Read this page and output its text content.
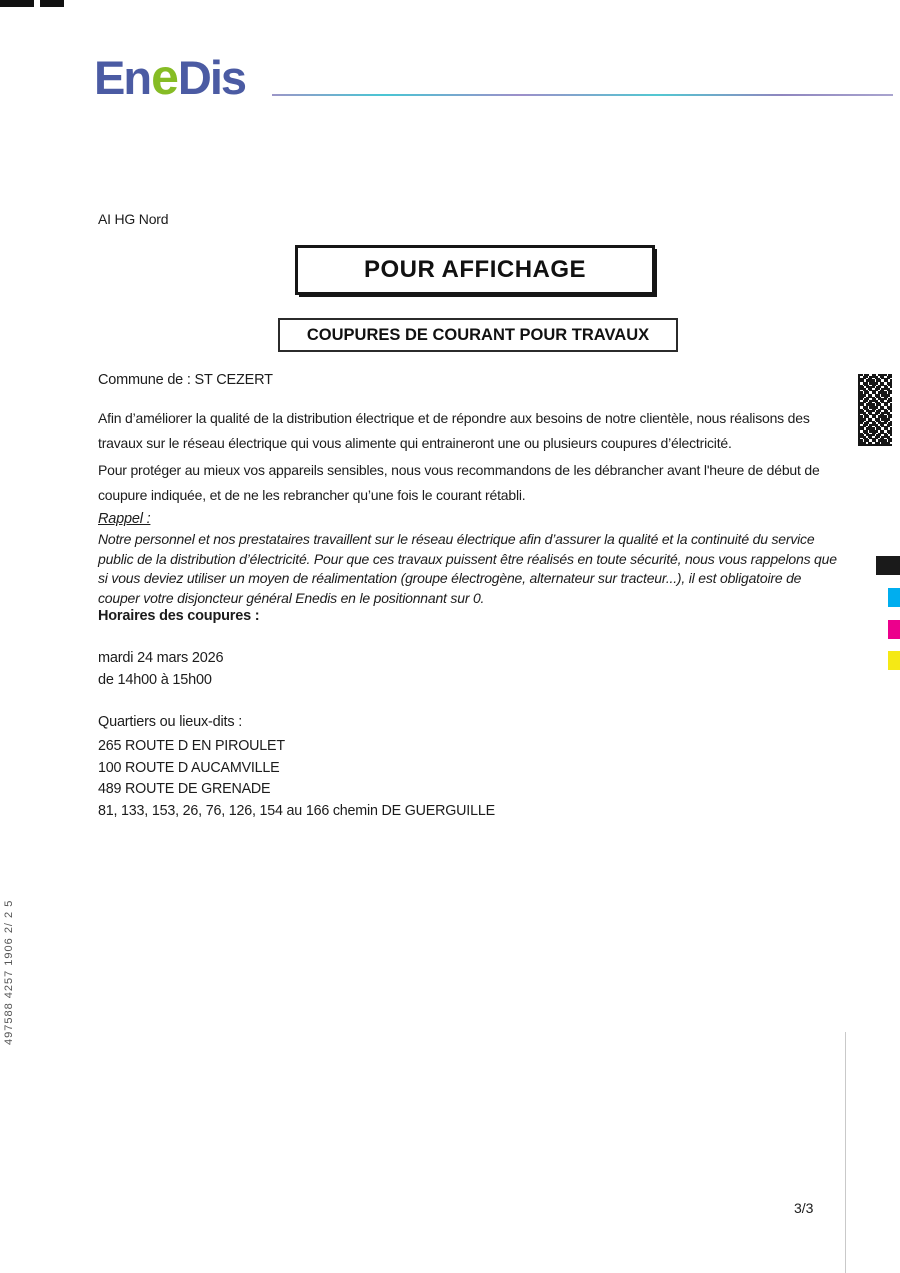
EneDis
AI HG Nord
POUR AFFICHAGE
COUPURES DE COURANT POUR TRAVAUX
Commune de : ST CEZERT
Afin d’améliorer la qualité de la distribution électrique et de répondre aux besoins de notre clientèle, nous réalisons des travaux sur le réseau électrique qui vous alimente qui entraineront une ou plusieurs coupures d’électricité.
Pour protéger au mieux vos appareils sensibles, nous vous recommandons de les débrancher avant l'heure de début de coupure indiquée, et de ne les rebrancher qu’une fois le courant rétabli.
Rappel :
Notre personnel et nos prestataires travaillent sur le réseau électrique afin d’assurer la qualité et la continuité du service public de la distribution d’électricité. Pour que ces travaux puissent être réalisés en toute sécurité, nous vous rappelons que si vous deviez utiliser un moyen de réalimentation (groupe électrogène, alternateur sur tracteur...), il est obligatoire de couper votre disjoncteur général Enedis en le positionnant sur 0.
Horaires des coupures :
mardi 24 mars 2026
de 14h00 à 15h00
Quartiers ou lieux-dits :
265 ROUTE D EN PIROULET
100 ROUTE D AUCAMVILLE
489 ROUTE DE GRENADE
81, 133, 153, 26, 76, 126, 154 au 166 chemin DE GUERGUILLE
3/3
497588 4257 1906 2/ 2 5
